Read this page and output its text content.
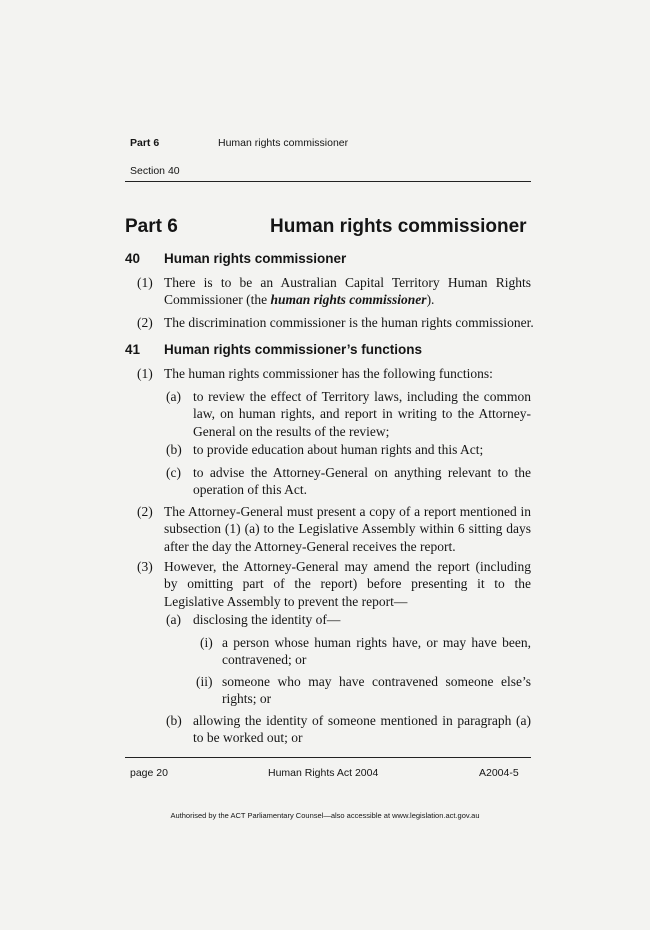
Part 6	Human rights commissioner
Section 40
Part 6	Human rights commissioner
40 Human rights commissioner
(1) There is to be an Australian Capital Territory Human Rights Commissioner (the human rights commissioner).
(2) The discrimination commissioner is the human rights commissioner.
41 Human rights commissioner’s functions
(1) The human rights commissioner has the following functions:
(a) to review the effect of Territory laws, including the common law, on human rights, and report in writing to the Attorney-General on the results of the review;
(b) to provide education about human rights and this Act;
(c) to advise the Attorney-General on anything relevant to the operation of this Act.
(2) The Attorney-General must present a copy of a report mentioned in subsection (1) (a) to the Legislative Assembly within 6 sitting days after the day the Attorney-General receives the report.
(3) However, the Attorney-General may amend the report (including by omitting part of the report) before presenting it to the Legislative Assembly to prevent the report—
(a) disclosing the identity of—
(i) a person whose human rights have, or may have been, contravened; or
(ii) someone who may have contravened someone else’s rights; or
(b) allowing the identity of someone mentioned in paragraph (a) to be worked out; or
page 20	Human Rights Act 2004	A2004-5
Authorised by the ACT Parliamentary Counsel—also accessible at www.legislation.act.gov.au
